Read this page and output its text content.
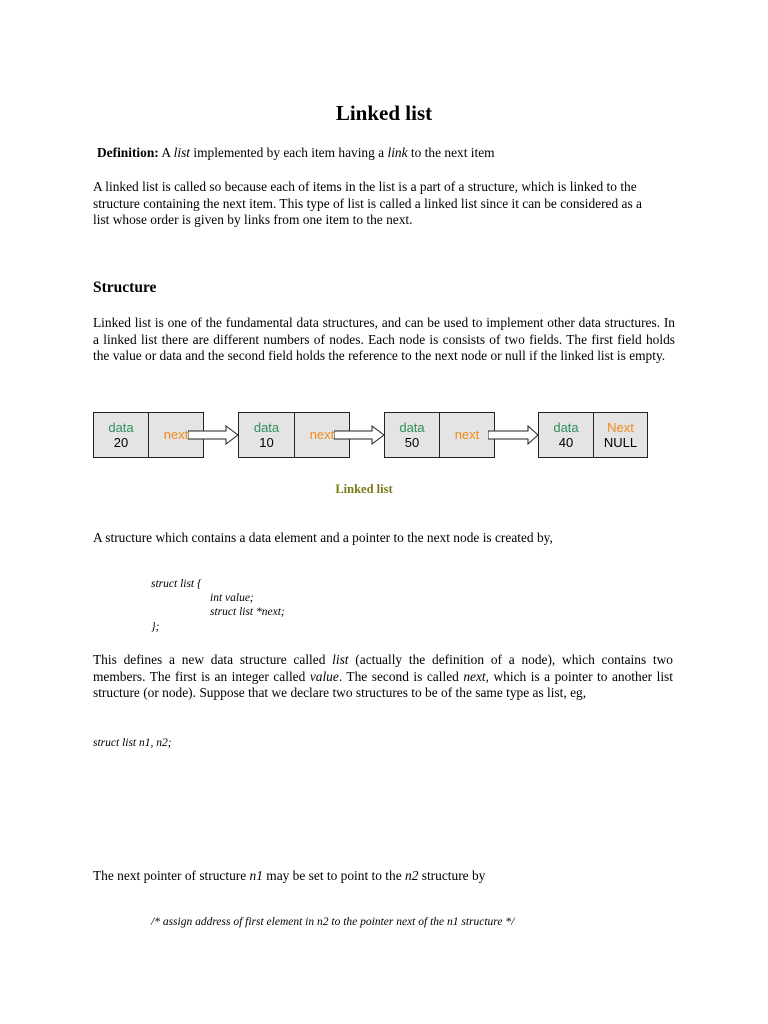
Linked list
Definition: A list implemented by each item having a link to the next item
A linked list is called so because each of items in the list is a part of a structure, which is linked to the structure containing the next item. This type of list is called a linked list since it can be considered as a list whose order is given by links from one item to the next.
Structure
Linked list is one of the fundamental data structures, and can be used to implement other data structures. In a linked list there are different numbers of nodes. Each node is consists of two fields. The first field holds the value or data and the second field holds the reference to the next node or null if the linked list is empty.
data
20
next	data
10
next	data
50
next	data
40
Next
NULL
Linked list
A structure which contains a data element and a pointer to the next node is created by,
struct list {
int value;
struct list *next;
};
This defines a new data structure called list (actually the definition of a node), which contains two members. The first is an integer called value. The second is called next, which is a pointer to another list structure (or node). Suppose that we declare two structures to be of the same type as list, eg,
struct list n1, n2;
The next pointer of structure n1 may be set to point to the n2 structure by
/* assign address of first element in n2 to the pointer next of the n1 structure */
